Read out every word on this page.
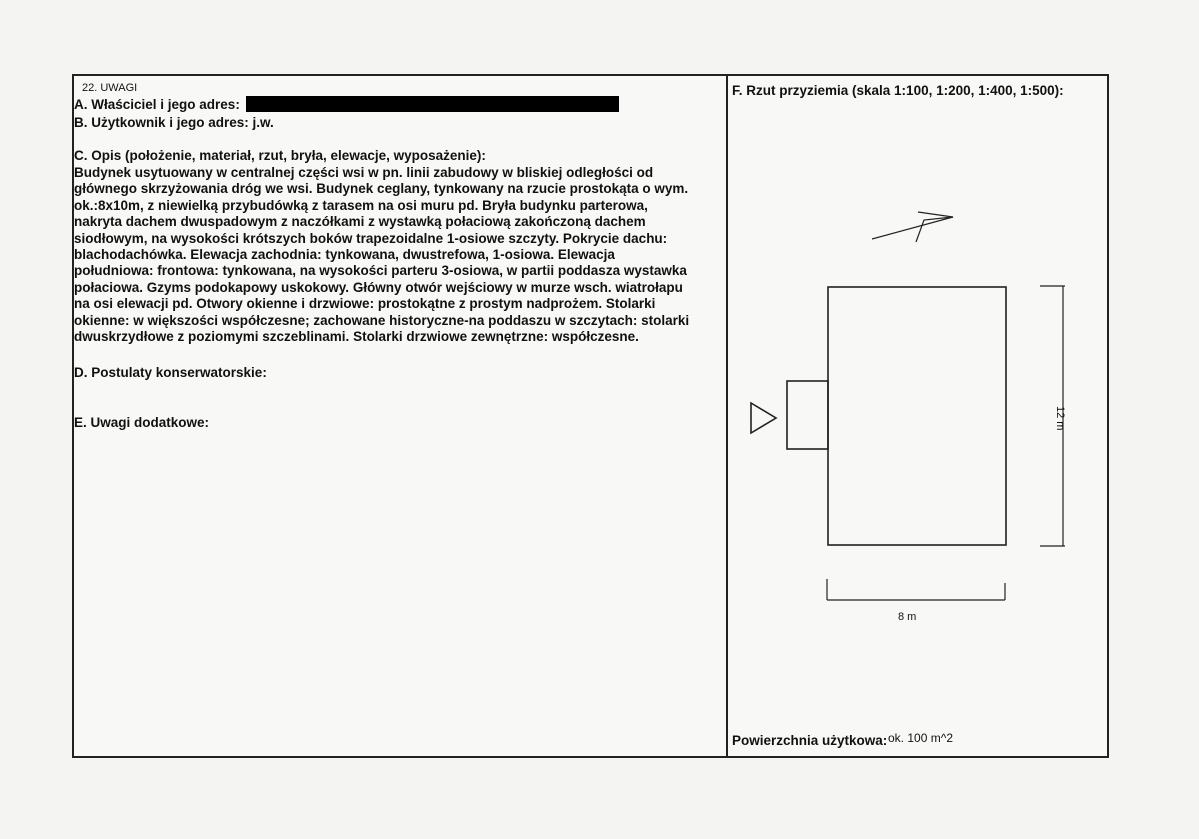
22. UWAGI
A. Właściciel i jego adres:
B. Użytkownik i jego adres: j.w.
C. Opis (położenie, materiał, rzut, bryła, elewacje, wyposażenie):
Budynek usytuowany w centralnej części wsi w pn. linii zabudowy w bliskiej odległości od
głównego skrzyżowania dróg we wsi. Budynek ceglany, tynkowany na rzucie prostokąta o wym.
ok.:8x10m, z niewielką przybudówką z tarasem na osi muru pd. Bryła budynku parterowa,
nakryta dachem dwuspadowym z naczółkami z wystawką połaciową zakończoną dachem
siodłowym, na wysokości krótszych boków trapezoidalne 1-osiowe szczyty. Pokrycie dachu:
blachodachówka. Elewacja zachodnia: tynkowana, dwustrefowa, 1-osiowa. Elewacja
południowa: frontowa: tynkowana, na wysokości parteru 3-osiowa, w partii poddasza wystawka
połaciowa. Gzyms podokapowy uskokowy. Główny otwór wejściowy w murze wsch. wiatrołapu
na osi elewacji pd. Otwory okienne i drzwiowe: prostokątne z prostym nadprożem. Stolarki
okienne: w większości współczesne; zachowane historyczne-na poddaszu w szczytach: stolarki
dwuskrzydłowe z poziomymi szczeblinami. Stolarki drzwiowe zewnętrzne: współczesne.
D. Postulaty konserwatorskie:
E. Uwagi dodatkowe:
F. Rzut przyziemia (skala 1:100, 1:200, 1:400, 1:500):
8 m
12 m
Powierzchnia użytkowa: ok. 100 m^2
